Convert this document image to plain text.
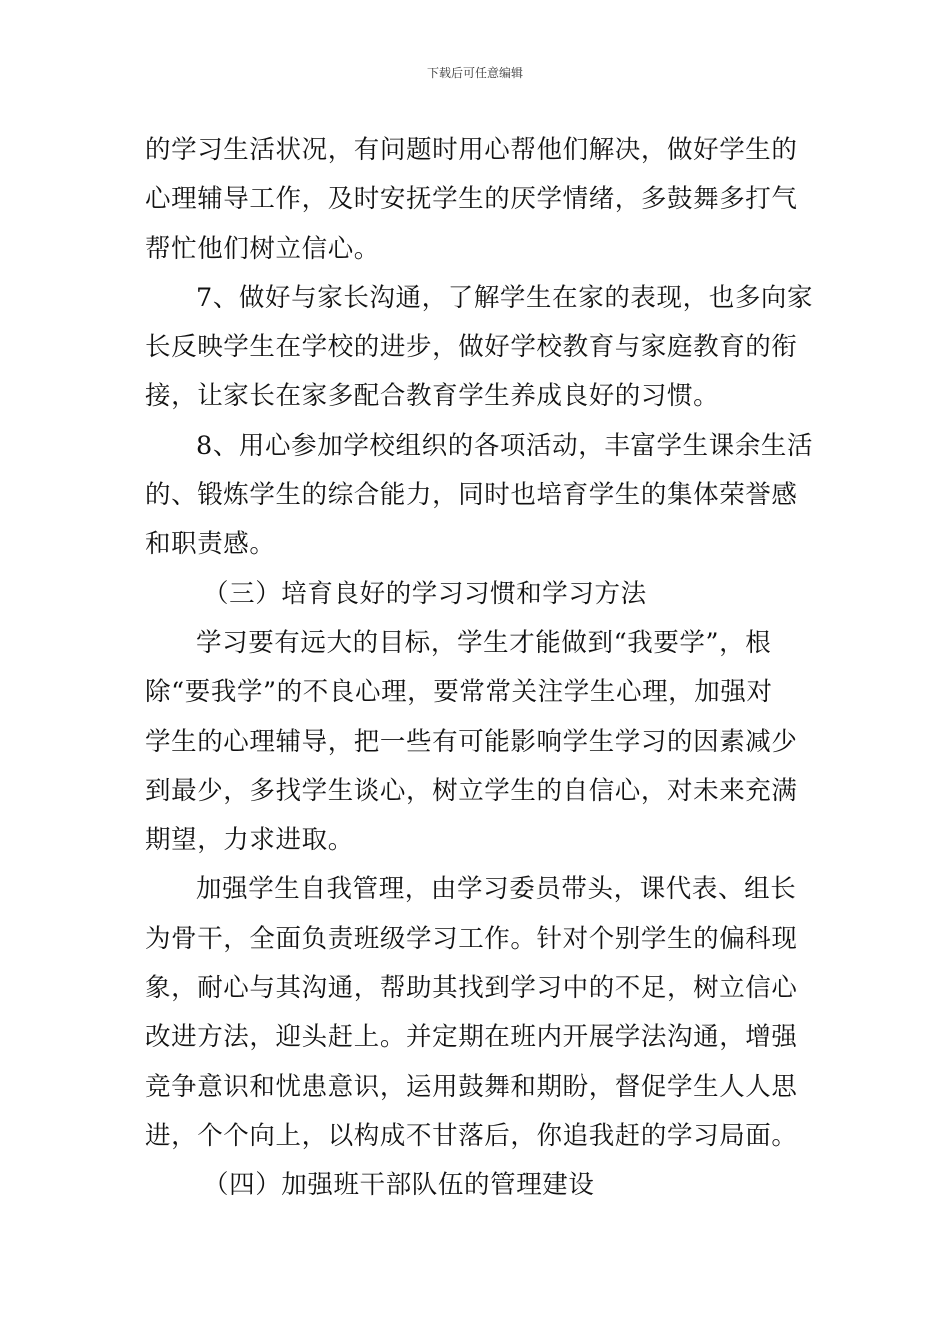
下载后可任意编辑
的学习生活状况，有问题时用心帮他们解决，做好学生的
心理辅导工作，及时安抚学生的厌学情绪，多鼓舞多打气
帮忙他们树立信心。
7、做好与家长沟通，了解学生在家的表现，也多向家
长反映学生在学校的进步，做好学校教育与家庭教育的衔
接，让家长在家多配合教育学生养成良好的习惯。
8、用心参加学校组织的各项活动，丰富学生课余生活
的、锻炼学生的综合能力，同时也培育学生的集体荣誉感
和职责感。
（三）培育良好的学习习惯和学习方法
学习要有远大的目标，学生才能做到“我要学”，根
除“要我学”的不良心理，要常常关注学生心理，加强对
学生的心理辅导，把一些有可能影响学生学习的因素减少
到最少，多找学生谈心，树立学生的自信心，对未来充满
期望，力求进取。
加强学生自我管理，由学习委员带头，课代表、组长
为骨干，全面负责班级学习工作。针对个别学生的偏科现
象，耐心与其沟通，帮助其找到学习中的不足，树立信心
改进方法，迎头赶上。并定期在班内开展学法沟通，增强
竞争意识和忧患意识，运用鼓舞和期盼，督促学生人人思
进，个个向上，以构成不甘落后，你追我赶的学习局面。
（四）加强班干部队伍的管理建设
